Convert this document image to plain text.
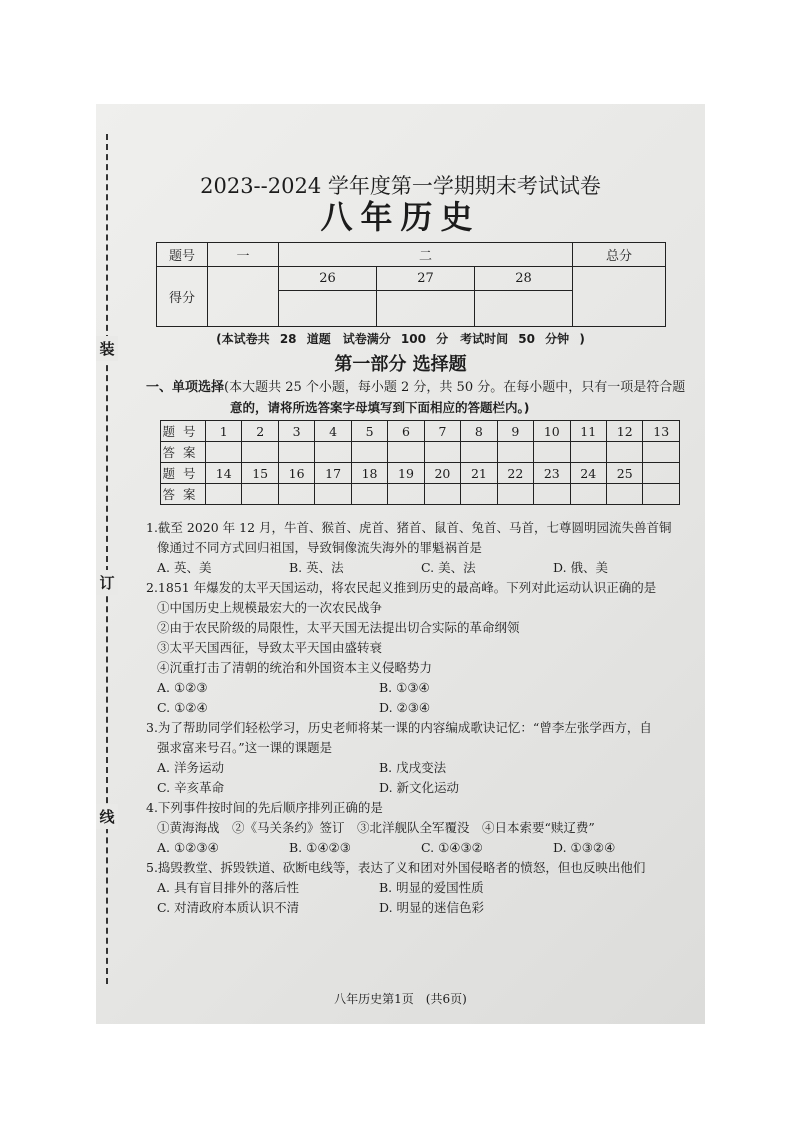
装
订
线
2023--2024 学年度第一学期期末考试试卷
八年历史
题号	一	二			总分
得分		26	27	28	

(本试卷共 28 道题　试卷满分 100 分　考试时间 50 分钟 )
第一部分 选择题
一、单项选择(本大题共 25 个小题，每小题 2 分，共 50 分。在每小题中，只有一项是符合题
意的，请将所选答案字母填写到下面相应的答题栏内。)
题号	1	2	3	4	5	6	7	8	9	10	11	12	13
答案													
题号	14	15	16	17	18	19	20	21	22	23	24	25	
答案													
1.截至 2020 年 12 月，牛首、猴首、虎首、猪首、鼠首、兔首、马首，七尊圆明园流失兽首铜
像通过不同方式回归祖国，导致铜像流失海外的罪魁祸首是
A. 英、美	B. 英、法	C. 美、法	D. 俄、美
2.1851 年爆发的太平天国运动，将农民起义推到历史的最高峰。下列对此运动认识正确的是
①中国历史上规模最宏大的一次农民战争
②由于农民阶级的局限性，太平天国无法提出切合实际的革命纲领
③太平天国西征，导致太平天国由盛转衰
④沉重打击了清朝的统治和外国资本主义侵略势力
A. ①②③	B. ①③④
C. ①②④	D. ②③④
3.为了帮助同学们轻松学习，历史老师将某一课的内容编成歌诀记忆：“曾李左张学西方，自
强求富来号召。”这一课的课题是
A. 洋务运动	B. 戊戌变法
C. 辛亥革命	D. 新文化运动
4.下列事件按时间的先后顺序排列正确的是
①黄海海战　②《马关条约》签订　③北洋舰队全军覆没　④日本索要“赎辽费”
A. ①②③④	B. ①④②③	C. ①④③②	D. ①③②④
5.捣毁教堂、拆毁铁道、砍断电线等，表达了义和团对外国侵略者的愤怒，但也反映出他们
A. 具有盲目排外的落后性	B. 明显的爱国性质
C. 对清政府本质认识不清	D. 明显的迷信色彩
八年历史第1页　(共6页)
